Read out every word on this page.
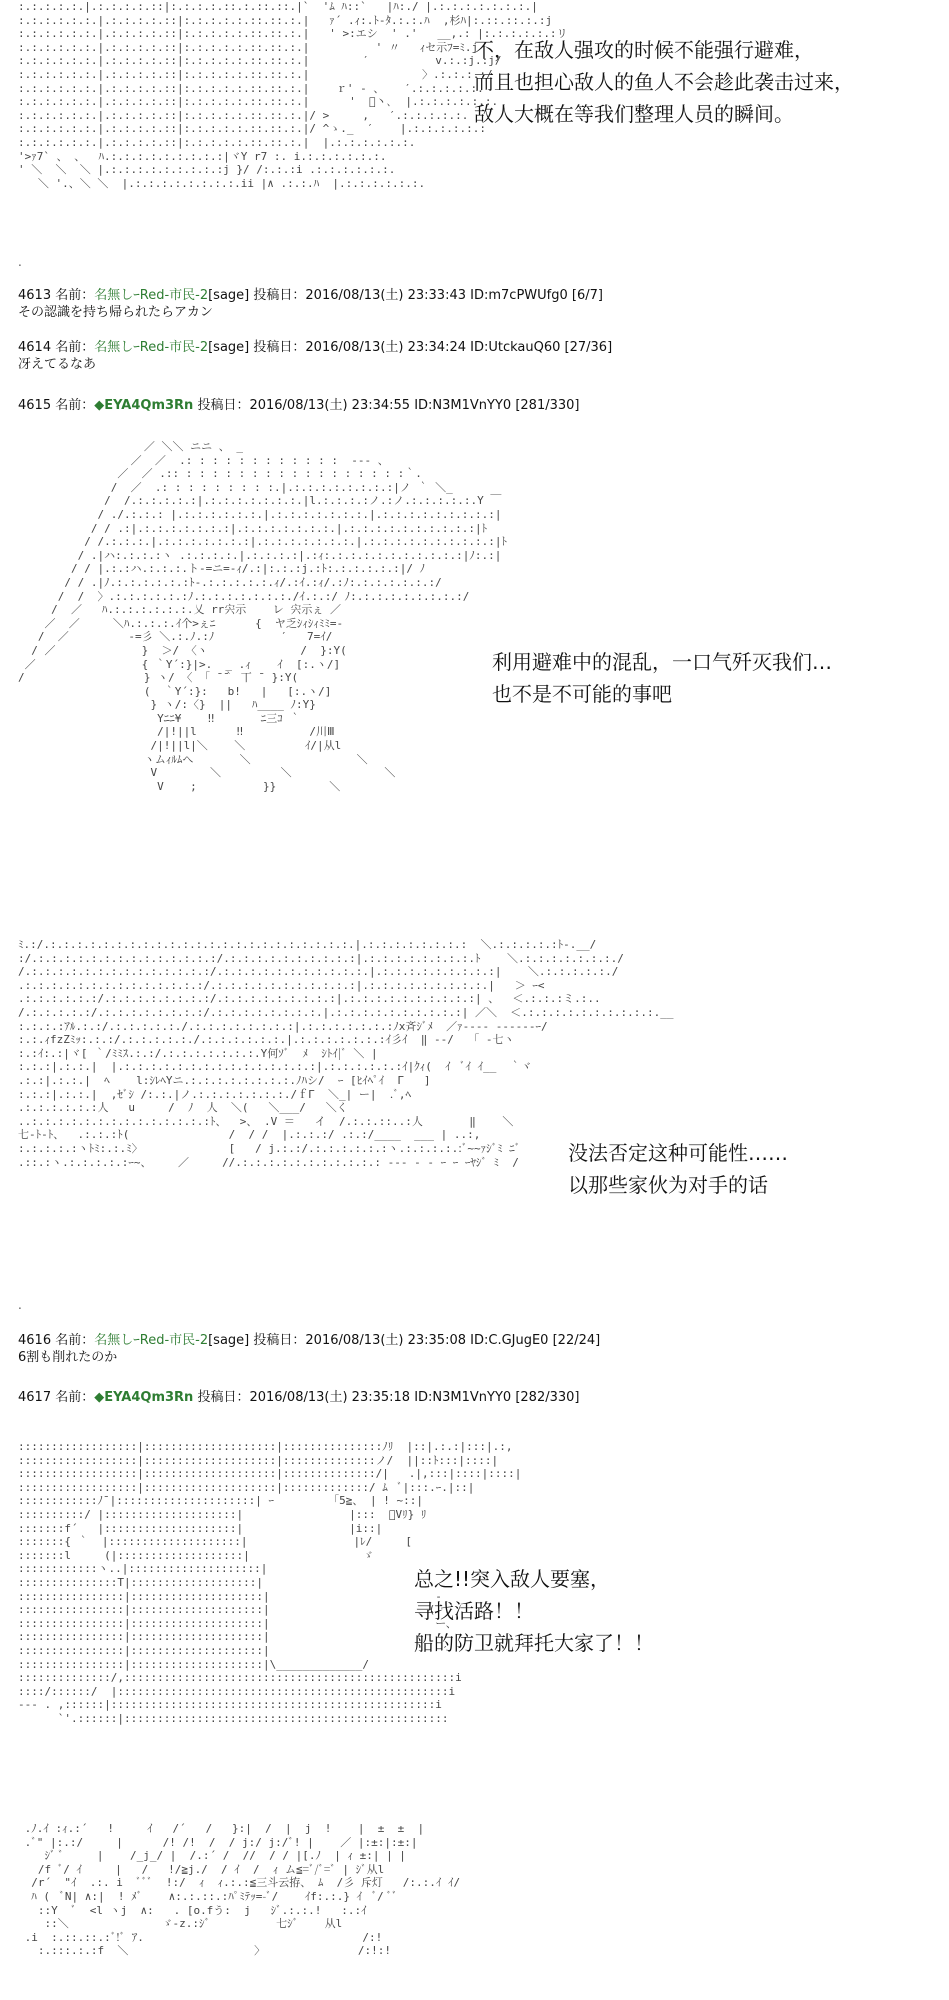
:.:.:.:.:.|.:.:.:.:.::|:.:.:.:.::.:.::.::.|`  'ﾑ ﾊ::`   |ﾊ:./ |.:.:.:.:.:.:.:.|
:.:.:.:.:.:.|.:.:.:.:.::|:.:.:.:.:.::.::.:.|   ｧ´ .ｨ:.ﾄ-ﾀ.:.:.ﾊ  ,杉ﾊ|:.::.::.:.:j
:.:.:.:.:.:.|.:.:.:.:.::|:.:.:.:.:.::.::.:.|   ' >:エシ  ' .'   __,.: |:.:.:.:.:.:リ
:.:.:.:.:.:.|.:.:.:.:.::|:.:.:.:.:.::.::.:.|          ' 〃   ｨセ示ﾌ=ﾐ.j
:.:.:.:.:.:.|.:.:.:.:.::|:.:.:.:.:.::.::.:.|        ′          v.:.:j.:j/
:.:.:.:.:.:.|.:.:.:.:.::|:.:.:.:.:.::.::.:.|                 〉.:.:.:.:/
:.:.:.:.:.:.|.:.:.:.:.::|:.:.:.:.:.::.::.:.|    ｒ' ‐ 、   ′.:.:.:.:.:.
:.:.:.:.:.:.|.:.:.:.:.::|:.:.:.:.:.::.::.:.|      '  ゙丶､  |.:.:.:.:.:.:.
:.:.:.:.:.:.|.:.:.:.:.::|:.:.:.:.:.::.::.:.|/ >     ,   ′.:.:.:.:.:.
:.:.:.:.:.:.|.:.:.:.:.::|:.:.:.:.:.::.::.:.|/ ^ゝ._  ′    |.:.:.:.:.:.:
:.:.:.:.:.:.|.:.:.:.:.::|:.:.:.:.:.::.::.:.|  |.:.:.:.:.:.:.
'>ｧ7` 、 、  ﾊ.:.:.:.:.:.:.:.:.:|ヾY r7 :. i.:.:.:.:.:.:.
' ＼  ＼  ＼ |.:.:.:.:.:.:.:.:.:j }/ /:.:.:i .:.:.:.:.:.:.
＼ '.、＼ ＼  |.:.:.:.:.:.:.:.:.ii |∧ .:.:.ﾊ  |.:.:.:.:.:.:.
不，在敌人强攻的时候不能强行避难，
而且也担心敌人的鱼人不会趁此袭击过来，
敌人大概在等我们整理人员的瞬间。
.
4613 名前：名無しｰRed-市民-2[sage] 投稿日：2016/08/13(土) 23:33:43 ID:m7cPWUfg0 [6/7]
その認識を持ち帰られたらアカン
4614 名前：名無しｰRed-市民-2[sage] 投稿日：2016/08/13(土) 23:34:24 ID:UtckauQ60 [27/36]
冴えてるなあ
4615 名前：◆EYA4Qm3Rn 投稿日：2016/08/13(土) 23:34:55 ID:N3M1VnYY0 [281/330]
／ ＼＼ ニニ 、 _
／  ／  .: : : : : : : : : : : :  --- 、
／  ／ .:: : : : : : : : : : : : : : : : : :｀.
/  ／  .: : : : : : : : :.|.:.:.:.:.:.:.:.:|ノ ｀ ＼_
/  /.:.:.:.:.:|.:.:.:.:.:.:.:.|l.:.:.:.:ノ.:ノ.:.:.:.:.:.Y ￣
/ ./.:.:.: |.:.:.:.:.:.:.|.:.:.:.:.:.:.:.|.:.:.:.:.:.:.:.:.:|
/ / .:|.:.:.:.:.:.:.:|.:.:.:.:.:.:.:.|.:.:.:.:.:.:.:.:.:.:|ﾄ
/ /.:.:.:.|.:.:.:.:.:.:.:|.:.:.:.:.:.:.:.|.:.:.:.:.:.:.:.:.:.:|ﾄ
/ .|ハ:.:.:.:ヽ .:.:.:.:.|.:.:.:.:|.:ｨ:.:.:.:.:.:.:.:.:.:.:|ﾉ:.:|
/ / |.:.:ハ.:.:.:.ト-=ニ=-ｨ/.:|:.:.:j.:ﾄ:.:.:.:.:.:|/ ﾉ
/ / .|ﾉ.:.:.:.:.:.:ﾄ-.:.:.:.:.:.ｨ/.:ｲ.:ｨ/.:ﾉ:.:.:.:.:.:.:/
/  /  〉.:.:.:.:.:.:ﾉ.:.:.:.:.:.:.:./ｲ.:.:/ ﾉ:.:.:.:.:.:.:.:.:/
/  ／   ﾊ.:.:.:.:.:.:.乂 rr宍示    レ 宍示ぇ ／
／  ／     ＼ﾊ.:.:.:.ｲ个>ぇﾆ      {  ヤ乏ｼｨｼｨﾐﾐ=-
/  ／         -=彡 ＼.:.ﾉ.:ﾉ          ′   7=ｲ/
/ ／             }  ＞/ 〈ヽ              /  }:Y(
／                { ｀Y´:}|>.  _ .ｨ    ｲ  [:.ヽ/]
/                  } ヽ/ 〈 「 ̄ ̄｀ 丅 ̄  }:Y(
(  ｀Y´:}:   b!   |   [:.ヽ/]
} ヽ/:〈}  ||   ﾊ____ ﾉ:Y}
Yﾆﾆ¥    ‼       ﾆ三ｺ ｀
/|!||l      ‼          /川Ⅲ
/|!||l|＼    ＼         ｲ/|从l
ヽムｨﾙﾑへ       ＼                ＼
V        ＼         ＼              ＼
V    ;          }}        ＼
利用避难中的混乱，一口气歼灭我们…
也不是不可能的事吧
ﾐ.:/.:.:.:.:.:.:.:.:.:.:.:.:.:.:.:.:.:.:.:.:.:.:.:.|.:.:.:.:.:.:.:.:  ＼.:.:.:.:.:ﾄ-.__/
:/.:.:.:.:.:.:.:.:.:.:.:.:.:.:/.:.:.:.:.:.:.:.:.:.:|.:.:.:.:.:.:.:.:.ﾄ    ＼.:.:.:.:.:.:.:./
/.:.:.:.:.:.:.:.:.:.:.:.:.:.:/.:.:.:.:.:.:.:.:.:.:.:.|.:.:.:.:.:.:.:.:.:|    ＼.:.:.:.:.:./
.:.:.:.:.:.:.:.:.:.:.:.:.:.:/.:.:.:.:.:.:.:.:.:.:.:|.:.:.:.:.:.:.:.:.:.|   ＞ ｰ<
.:.:.:.:.:.:/.:.:.:.:.:.:.:.:/.:.:.:.:.:.:.:.:.:|.:.:.:.:.:.:.:.:.:.:| 、  ＜.:.:.:ミ.:..
/.:.:.:.:.:/.:.:.:.:.:.:.:.:/.:.:.:.:.:.:.:.:.|.:.:.:.:.:.:.:.:.:.:| ／＼  ＜.:.:.:.:.:.:.:.:.:.:.__
:.:.:.:ｱﾙ.:.:/.:.:.:.:.:./.:.:.:.:.:.:.:.:|.:.:.:.:.:.:.:ﾉx斉ｼﾞﾒ  ／ｧ‐‐‐‐ --‐‐‐-ｰ/
:.:.ｨfzZﾐｯ:.:.:/.:.:.:.:.:./.:.:.:.:.:.:.|.:.:.:.:.:.:.:ｲ彡ｲ  ‖ ‐‐/   ｢ ‐七ヽ
:.:ｲ:.:|ヾ[ ｀/ﾐﾐｽ.:.:/.:.:.:.:.:.:.:.Y何ｿﾞ  ﾒ  ｼﾄｲ|ﾞ ＼ |
:.:.:|.:.:.|  |.:.:.:.:.:.:.:.:.:.:.:.:.:.:.:|.:.:.:.:.:.:ｲ|ｸｨ(  ｲ  ﾞｲ ｲ__  ｀ヾ
.:.:|.:.:.|  ﾍ    l:ｼﾚﾍYニ.:.:.:.:.:.:.:.:.ﾉﾊシ/  ｰ [ﾋｲﾍﾟｲ  Γ   ]
:.:.:|.:.:.|  ,ｾﾞｼ /:.:.|ノ.:.:.:.:.:.:.:./ｆΓ  ＼_| ー|  .ﾞ,ﾍ
.:.:.:.:.:.:人   u     /  ﾉ  人  ＼(   ＼___/   ＼く
..:.:.:.:.:.:.:.:.:.:.:.:.:.:ﾄ、  >、 .V ＝   イ  /.:.:.::..:人       ‖    ＼
七-ﾄ-ﾄ、  .:.:.:ﾄ(               /  / /  |.:.:.:/ .:.:/____  ___ | ..:,
:.:.:.:.:ヽﾄﾐ:.:.ﾐ〉             [   / j.:.:/.:.:.:.:.:.:ヽ.:.:.:.:.:ﾞ~~ｧｼﾞﾐ ﾆﾞ
.::.:ヽ.:.:.:.:.:ｰ~、    ／     //.:.:.:.:.:.:.:.:.:.:.: --‐ ‐ ‐ ｰ ｰ ｰﾔｼﾞ ﾐ  /	没法否定这种可能性……
以那些家伙为对手的话
.
4616 名前：名無しｰRed-市民-2[sage] 投稿日：2016/08/13(土) 23:35:08 ID:C.GJugE0 [22/24]
6割も削れたのか
4617 名前：◆EYA4Qm3Rn 投稿日：2016/08/13(土) 23:35:18 ID:N3M1VnYY0 [282/330]
::::::::::::::::::|::::::::::::::::::::|:::::::::::::::ﾉﾘ  |::|.:.:|:::|.:,
::::::::::::::::::|::::::::::::::::::::|::::::::::::::ノ/  ||::ﾄ:::|::::|
::::::::::::::::::|::::::::::::::::::::|::::::::::::::/|   .|,:::|::::|::::|
::::::::::::::::::|::::::::::::::::::::|:::::::::::::/ ﾑ  ﾞ|:::.ｰ.|::|
::::::::::::ﾉ¯|:::::::::::::::::::::| ｰ         ｢5≧、 | ! ~::|
::::::::::/ |::::::::::::::::::::|                |:::  ﾞVﾘ} ﾘ
:::::::f´   |::::::::::::::::::::|                |i::|
:::::::{ ｀  |::::::::::::::::::::|                |ﾚ/     [
:::::::l     (|:::::::::::::::::::|                 ゞ
::::::::::::ヽ..|::::::::::::::::::::|
:::::::::::::::Т|:::::::::::::::::::|
::::::::::::::::|::::::::::::::::::::|                         -
::::::::::::::::|::::::::::::::::::::|                        (
::::::::::::::::|::::::::::::::::::::|                         ー、
::::::::::::::::|::::::::::::::::::::|
::::::::::::::::|::::::::::::::::::::|                          ′
::::::::::::::::|::::::::::::::::::::|\_____________/
::::::::::::::/,::::::::::::::::::::::::::::::::::::::::::::::::::i
::::/::::::/  |::::::::::::::::::::::::::::::::::::::::::::::::::i
--- . ,::::::|:::::::::::::::::::::::::::::::::::::::::::::::::i
`'.::::::|:::::::::::::::::::::::::::::::::::::::::::::::::
总之!!突入敌人要塞，
寻找活路！！
船的防卫就拜托大家了！！
.ﾉ.ｲ :ｨ.:´   !     ｲ   /´   /   }:|  /  |  j  !    |  ±  ±  |
.ﾞ" |:.:/     |      /! /!  /  / j:/ j:/ﾞ! |    ／ |:±:|:±:|
ｼﾞ ﾞ     |    /_j_/ |  /.:´ /  //  / / |[.ﾉ  | ｨ ±:| | |
/f ﾞ/ ｲ     |   /   !/≧j./  / ｲ  /  ｨ ム≦=ﾞ/ﾞ=ﾞ | ｼﾞ从l
/r´  "ｲ  .:. i  ﾞﾞﾞ  !:/  ｨ  ｨ.:.:≦三斗云拵、 ﾑ  /彡 斥灯   /:.:.ｲ ｲ/
ﾊ (  ﾞN| ∧:|  ! ﾒﾞ    ∧:.:.::.:ﾊﾟﾐﾃｯ=-ﾞ/    ｲf:.:.} ｲ  ﾞ/ ﾞﾞ
::Y  ﾞ  <l ヽj  ∧:   . [o.fう:  j   ｼﾞ.:.:.!   :.:ｲ
::＼              ゞ-z.:ｼﾞ          七ｼﾞ    从l
.i  :.::.::.:ﾞ!ﾞ ｱ.                                 /:!
:.:::.:.:f  ＼                   〉              /:!:!
